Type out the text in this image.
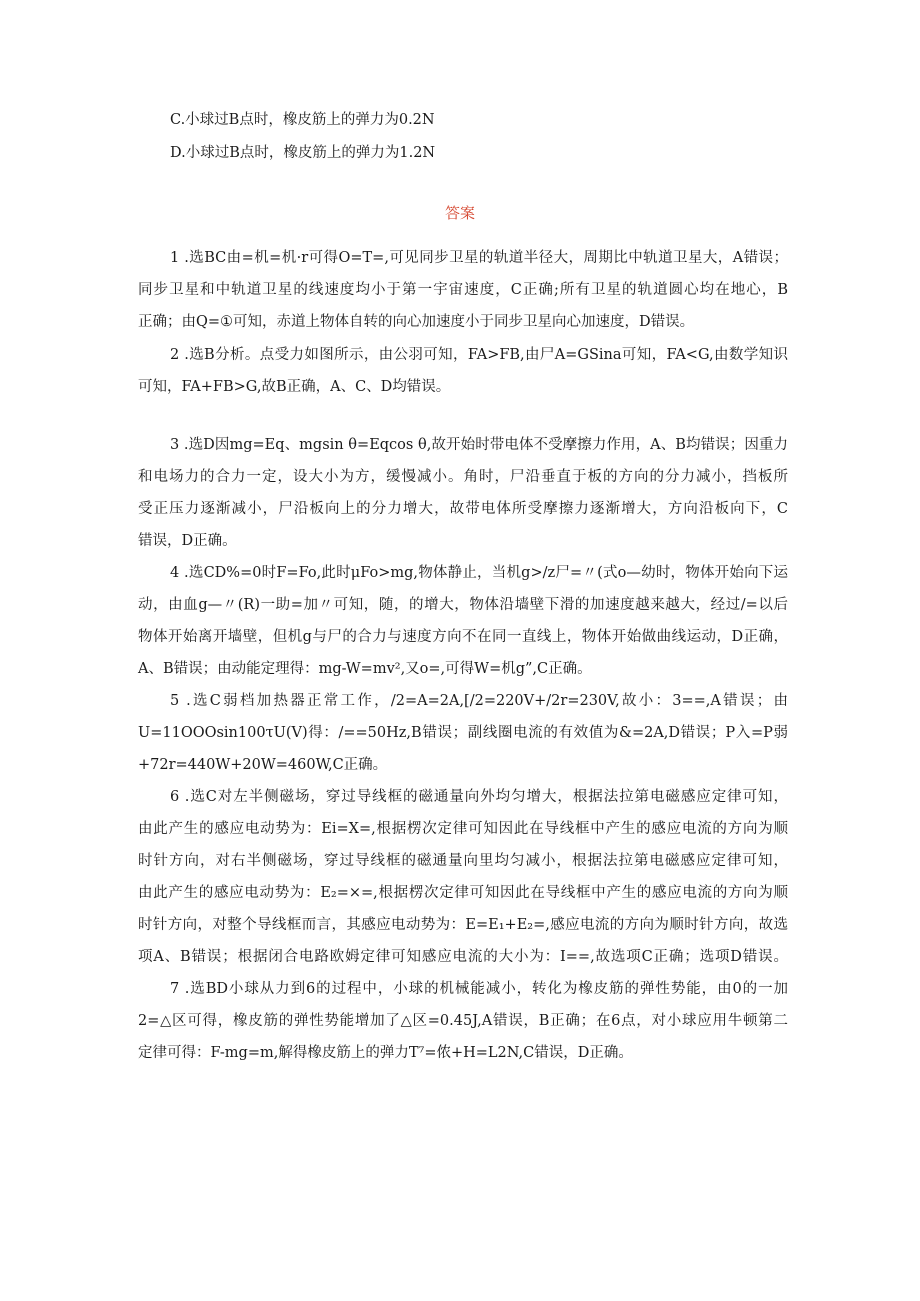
C.小球过B点时，橡皮筋上的弹力为0.2N
D.小球过B点时，橡皮筋上的弹力为1.2N
答案
1 .选BC由=机=机·r可得O=T=,可见同步卫星的轨道半径大，周期比中轨道卫星大，A错误；
同步卫星和中轨道卫星的线速度均小于第一宇宙速度，C正确;所有卫星的轨道圆心均在地心，B
正确；由Q=①可知，赤道上物体自转的向心加速度小于同步卫星向心加速度，D错误。
2 .选B分析。点受力如图所示，由公羽可知，FA>FB,由尸A=GSina可知，FA<G,由数学知识
可知，FA+FB>G,故B正确，A、C、D均错误。
3 .选D因mg=Eq、mgsin θ=Eqcos θ,故开始时带电体不受摩擦力作用，A、B均错误；因重力
和电场力的合力一定，设大小为方，缓慢减小。角时，尸沿垂直于板的方向的分力减小，挡板所
受正压力逐渐减小，尸沿板向上的分力增大，故带电体所受摩擦力逐渐增大，方向沿板向下，C
错误，D正确。
4 .选CD%=0时F=Fo,此时μFo>mg,物体静止，当机g>/z尸=〃(式o—幼时，物体开始向下运
动，由血g—〃(R)一助=加〃可知，随，的增大，物体沿墙壁下滑的加速度越来越大，经过/=以后
物体开始离开墙壁，但机g与尸的合力与速度方向不在同一直线上，物体开始做曲线运动，D正确，
A、B错误；由动能定理得：mg-W=mv²,又o=,可得W=机g”,C正确。
5 .选C弱档加热器正常工作，/2=A=2A,[/2=220V+/2r=230V,故小：3==,A错误；由
U=11OOOsin100τU(V)得：/==50Hz,B错误；副线圈电流的有效值为&=2A,D错误；P入=P弱
+72r=440W+20W=460W,C正确。
6 .选C对左半侧磁场，穿过导线框的磁通量向外均匀增大，根据法拉第电磁感应定律可知，
由此产生的感应电动势为：Ei=X=,根据楞次定律可知因此在导线框中产生的感应电流的方向为顺
时针方向，对右半侧磁场，穿过导线框的磁通量向里均匀减小，根据法拉第电磁感应定律可知，
由此产生的感应电动势为：E₂=×=,根据楞次定律可知因此在导线框中产生的感应电流的方向为顺
时针方向，对整个导线框而言，其感应电动势为：E=E₁+E₂=,感应电流的方向为顺时针方向，故选
项A、B错误；根据闭合电路欧姆定律可知感应电流的大小为：I==,故选项C正确；选项D错误。
7 .选BD小球从力到6的过程中，小球的机械能减小，转化为橡皮筋的弹性势能，由0的一加
2=△区可得，橡皮筋的弹性势能增加了△区=0.45J,A错误，B正确；在6点，对小球应用牛顿第二
定律可得：F-mg=m,解得橡皮筋上的弹力T⁷=侬+H=L2N,C错误，D正确。
